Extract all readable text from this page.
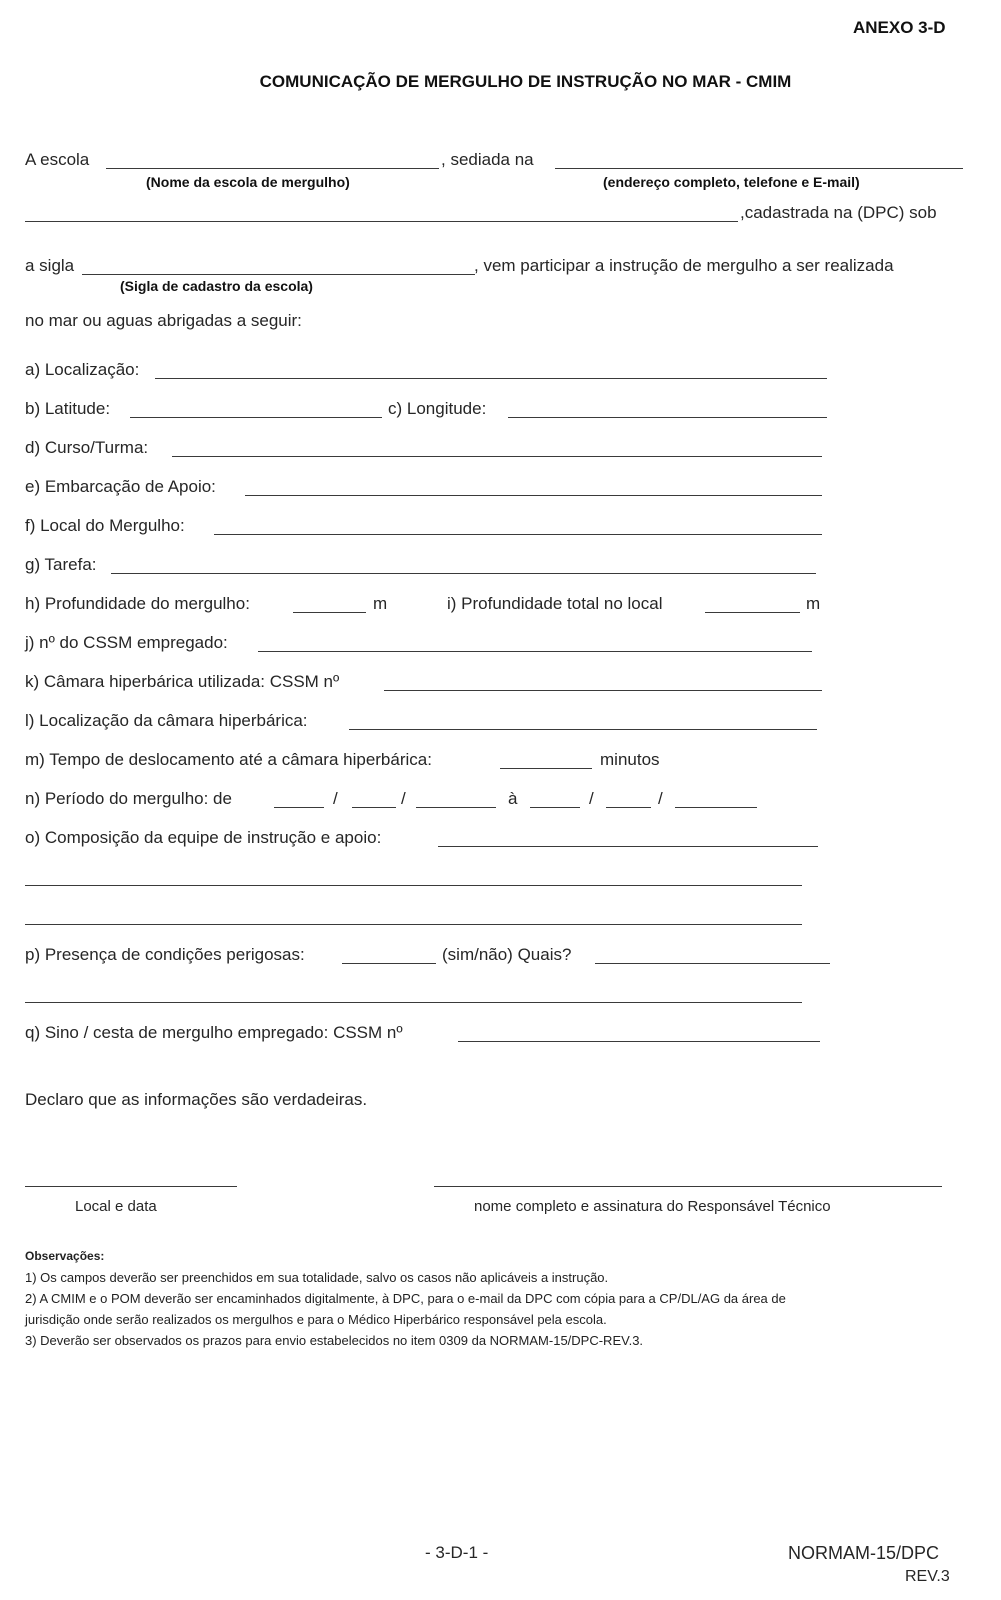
ANEXO 3-D
COMUNICAÇÃO DE MERGULHO DE INSTRUÇÃO NO MAR - CMIM
A escola	, sediada na
(Nome da escola de mergulho)	(endereço completo, telefone e E-mail)
,cadastrada na (DPC) sob
a sigla	, vem participar a instrução de mergulho a ser realizada
(Sigla de cadastro da escola)
no mar ou aguas abrigadas a seguir:
a) Localização:
b) Latitude:	c) Longitude:
d) Curso/Turma:
e) Embarcação de Apoio:
f) Local do Mergulho:
g) Tarefa:
h) Profundidade do mergulho:	m	i) Profundidade total no local	m
j) nº do CSSM empregado:
k) Câmara hiperbárica utilizada: CSSM nº
l) Localização da câmara hiperbárica:
m) Tempo de deslocamento até a câmara hiperbárica:	minutos
n) Período do mergulho: de	/	/	à	/	/
o) Composição da equipe de instrução e apoio:
p) Presença de condições perigosas:	(sim/não) Quais?
q) Sino / cesta de mergulho empregado: CSSM nº
Declaro que as informações são verdadeiras.
Local e data	nome completo e assinatura do Responsável Técnico
Observações:
1) Os campos deverão ser preenchidos em sua totalidade, salvo os casos não aplicáveis a instrução.
2) A CMIM e o POM deverão ser encaminhados digitalmente, à DPC, para o e-mail da DPC com cópia para a CP/DL/AG da área de
jurisdição onde serão realizados os mergulhos e para o Médico Hiperbárico responsável pela escola.
3) Deverão ser observados os prazos para envio estabelecidos no item 0309 da NORMAM-15/DPC-REV.3.
- 3-D-1 -	NORMAM-15/DPC
REV.3
